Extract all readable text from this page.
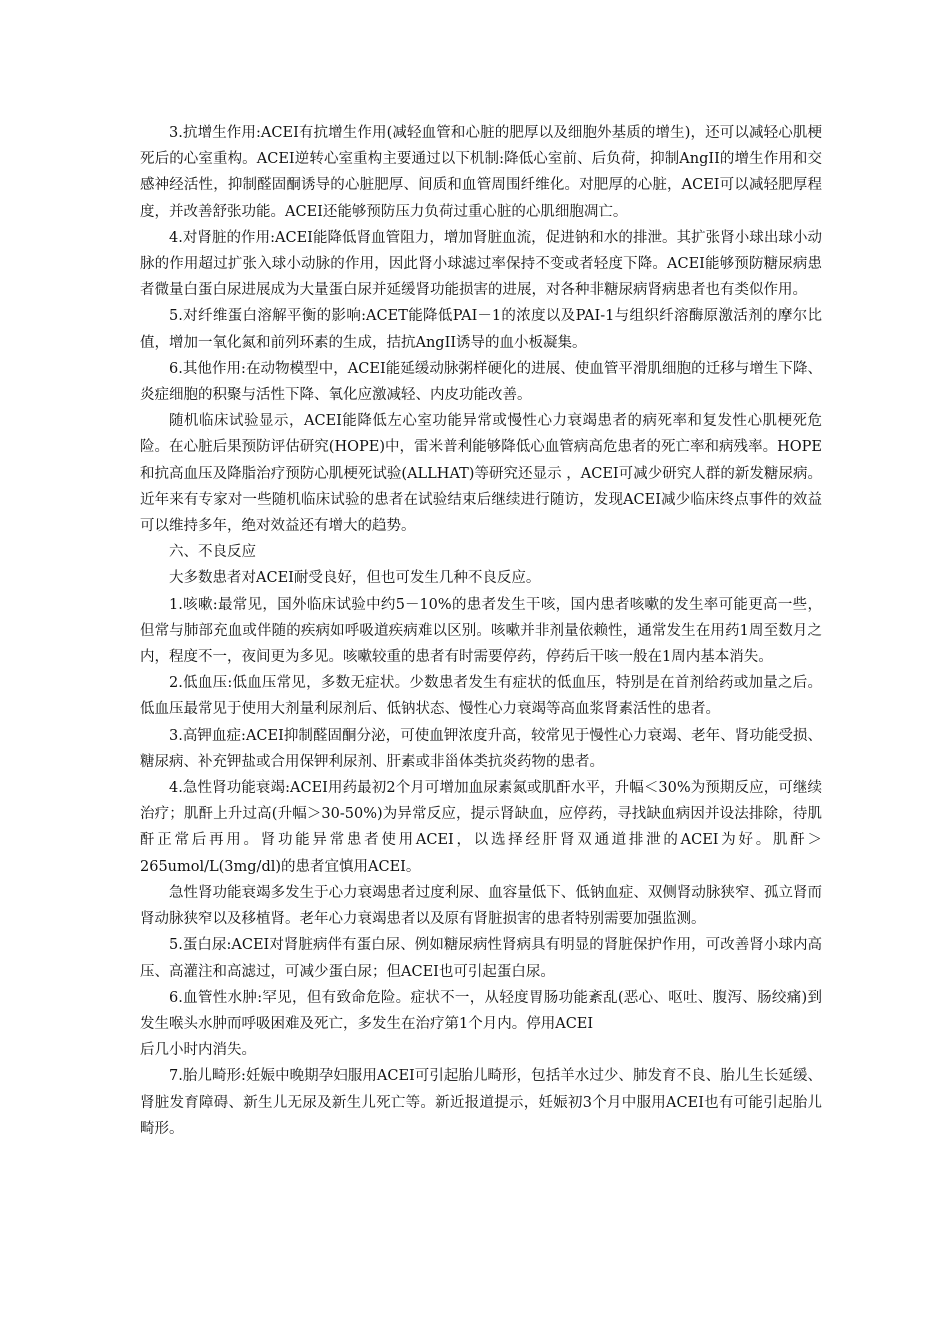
3.抗增生作用:ACEI有抗增生作用(减轻血管和心脏的肥厚以及细胞外基质的增生)，还可以减轻心肌梗死后的心室重构。ACEI逆转心室重构主要通过以下机制:降低心室前、后负荷，抑制AngII的增生作用和交感神经活性，抑制醛固酮诱导的心脏肥厚、间质和血管周围纤维化。对肥厚的心脏，ACEI可以减轻肥厚程度，并改善舒张功能。ACEI还能够预防压力负荷过重心脏的心肌细胞凋亡。

4.对肾脏的作用:ACEI能降低肾血管阻力，增加肾脏血流，促进钠和水的排泄。其扩张肾小球出球小动脉的作用超过扩张入球小动脉的作用，因此肾小球滤过率保持不变或者轻度下降。ACEI能够预防糖尿病患者微量白蛋白尿进展成为大量蛋白尿并延缓肾功能损害的进展，对各种非糖尿病肾病患者也有类似作用。

5.对纤维蛋白溶解平衡的影响:ACET能降低PAI－1的浓度以及PAI-1与组织纤溶酶原激活剂的摩尔比值，增加一氧化氮和前列环素的生成，拮抗AngII诱导的血小板凝集。

6.其他作用:在动物模型中，ACEI能延缓动脉粥样硬化的进展、使血管平滑肌细胞的迁移与增生下降、炎症细胞的积聚与活性下降、氧化应激减轻、内皮功能改善。

随机临床试验显示，ACEI能降低左心室功能异常或慢性心力衰竭患者的病死率和复发性心肌梗死危险。在心脏后果预防评估研究(HOPE)中，雷米普利能够降低心血管病高危患者的死亡率和病残率。HOPE和抗高血压及降脂治疗预防心肌梗死试验(ALLHAT)等研究还显示 ，ACEI可减少研究人群的新发糖尿病。近年来有专家对一些随机临床试验的患者在试验结束后继续进行随访，发现ACEI减少临床终点事件的效益可以维持多年，绝对效益还有增大的趋势。

六、不良反应

大多数患者对ACEI耐受良好，但也可发生几种不良反应。

1.咳嗽:最常见，国外临床试验中约5－10%的患者发生干咳，国内患者咳嗽的发生率可能更高一些，但常与肺部充血或伴随的疾病如呼吸道疾病难以区别。咳嗽并非剂量依赖性，通常发生在用药1周至数月之内，程度不一，夜间更为多见。咳嗽较重的患者有时需要停药，停药后干咳一般在1周内基本消失。

2.低血压:低血压常见，多数无症状。少数患者发生有症状的低血压，特别是在首剂给药或加量之后。低血压最常见于使用大剂量利尿剂后、低钠状态、慢性心力衰竭等高血浆肾素活性的患者。

3.高钾血症:ACEI抑制醛固酮分泌，可使血钾浓度升高，较常见于慢性心力衰竭、老年、肾功能受损、糖尿病、补充钾盐或合用保钾利尿剂、肝素或非甾体类抗炎药物的患者。

4.急性肾功能衰竭:ACEI用药最初2个月可增加血尿素氮或肌酐水平，升幅＜30%为预期反应，可继续治疗；肌酐上升过高(升幅＞30-50%)为异常反应，提示肾缺血，应停药，寻找缺血病因并设法排除，待肌酐正常后再用。肾功能异常患者使用ACEI，以选择经肝肾双通道排泄的ACEI为好。肌酐＞265umol/L(3mg/dl)的患者宜慎用ACEI。

急性肾功能衰竭多发生于心力衰竭患者过度利尿、血容量低下、低钠血症、双侧肾动脉狭窄、孤立肾而肾动脉狭窄以及移植肾。老年心力衰竭患者以及原有肾脏损害的患者特别需要加强监测。

5.蛋白尿:ACEI对肾脏病伴有蛋白尿、例如糖尿病性肾病具有明显的肾脏保护作用，可改善肾小球内高压、高灌注和高滤过，可减少蛋白尿；但ACEI也可引起蛋白尿。

6.血管性水肿:罕见，但有致命危险。症状不一，从轻度胃肠功能紊乱(恶心、呕吐、腹泻、肠绞痛)到发生喉头水肿而呼吸困难及死亡，多发生在治疗第1个月内。停用ACEI

后几小时内消失。

7.胎儿畸形:妊娠中晚期孕妇服用ACEI可引起胎儿畸形，包括羊水过少、肺发育不良、胎儿生长延缓、肾脏发育障碍、新生儿无尿及新生儿死亡等。新近报道提示，妊娠初3个月中服用ACEI也有可能引起胎儿畸形。
